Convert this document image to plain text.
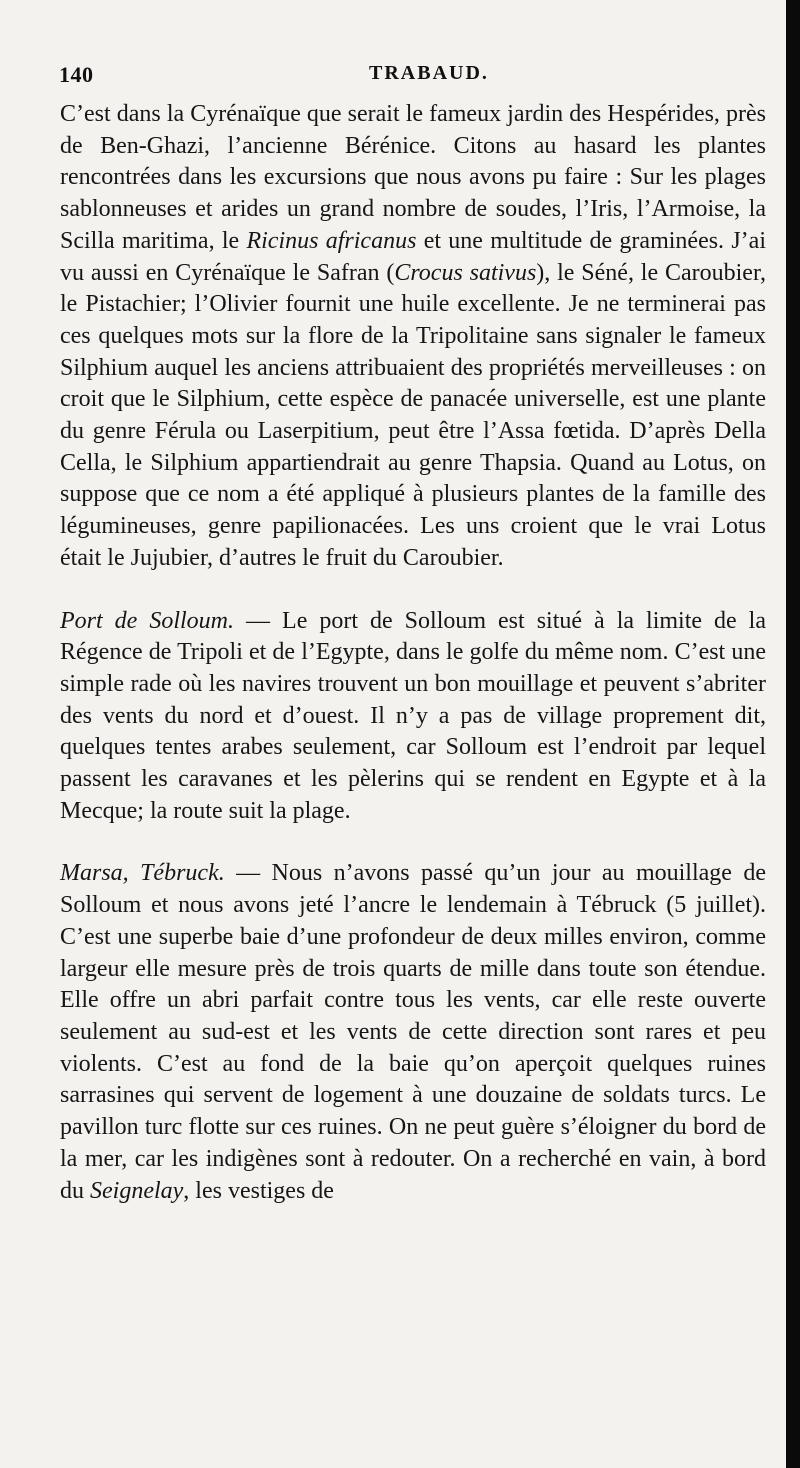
140	TRABAUD.

C’est dans la Cyrénaïque que serait le fameux jardin des Hespérides, près de Ben-Ghazi, l’ancienne Bérénice. Citons au hasard les plantes rencontrées dans les excursions que nous avons pu faire : Sur les plages sablonneuses et arides un grand nombre de soudes, l’Iris, l’Armoise, la Scilla maritima, le Ricinus africanus et une multitude de graminées. J’ai vu aussi en Cyrénaïque le Safran (Crocus sativus), le Séné, le Caroubier, le Pistachier; l’Olivier fournit une huile excellente. Je ne terminerai pas ces quelques mots sur la flore de la Tripolitaine sans signaler le fameux Silphium auquel les anciens attribuaient des propriétés merveilleuses : on croit que le Silphium, cette espèce de panacée universelle, est une plante du genre Férula ou Laserpitium, peut être l’Assa fœtida. D’après Della Cella, le Silphium appartiendrait au genre Thapsia. Quand au Lotus, on suppose que ce nom a été appliqué à plusieurs plantes de la famille des légumineuses, genre papilionacées. Les uns croient que le vrai Lotus était le Jujubier, d’autres le fruit du Caroubier.

Port de Solloum. — Le port de Solloum est situé à la limite de la Régence de Tripoli et de l’Egypte, dans le golfe du même nom. C’est une simple rade où les navires trouvent un bon mouillage et peuvent s’abriter des vents du nord et d’ouest. Il n’y a pas de village proprement dit, quelques tentes arabes seulement, car Solloum est l’endroit par lequel passent les caravanes et les pèlerins qui se rendent en Egypte et à la Mecque; la route suit la plage.

Marsa, Tébruck. — Nous n’avons passé qu’un jour au mouillage de Solloum et nous avons jeté l’ancre le lendemain à Tébruck (5 juillet). C’est une superbe baie d’une profondeur de deux milles environ, comme largeur elle mesure près de trois quarts de mille dans toute son étendue. Elle offre un abri parfait contre tous les vents, car elle reste ouverte seulement au sud-est et les vents de cette direction sont rares et peu violents. C’est au fond de la baie qu’on aperçoit quelques ruines sarrasines qui servent de logement à une douzaine de soldats turcs. Le pavillon turc flotte sur ces ruines. On ne peut guère s’éloigner du bord de la mer, car les indigènes sont à redouter. On a recherché en vain, à bord du Seignelay, les vestiges de
